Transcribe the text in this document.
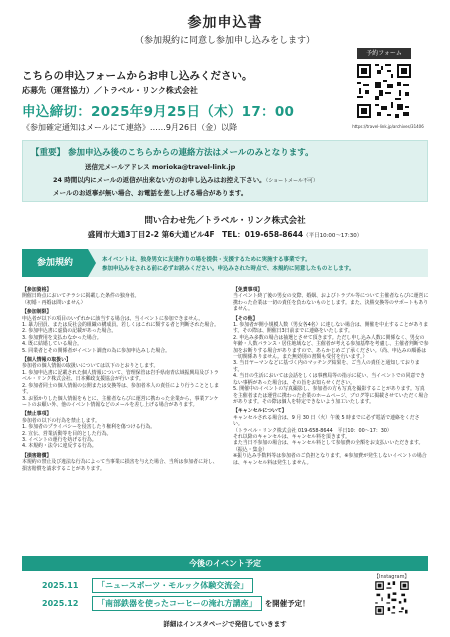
参加申込書
（参加規約に同意し参加申し込みをします）
予約フォーム
https://travel-link.jp/archives/31406
こちらの申込フォームからお申し込みください。
応募先（運営協力）／トラベル・リンク株式会社
申込締切：2025年9月25日（木）17：00
《参加確定通知はメールにて連絡》……9月26日（金）以降
【重要】 参加申込み後のこちらからの連絡方法はメールのみとなります。
送信元メールアドレス morioka@travel-link.jp
24 時間以内にメールの返信が出来ない方のお申し込みはお控え下さい。（ショートメール不可）
メールのお返事が無い場合、お電話を差し上げる場合があります。
問い合わせ先／トラベル・リンク株式会社
盛岡市大通3丁目2-2 第6大通ビル4F　TEL：019-658-8644（平日10:00～17:30）
参加規約	本イベントは、独身男女に友達作りの場を提供・支援するために実施する事業です。
参加申込みをされる前に必ずお読みください。申込みされた時点で、本規約に同意したものとします。
【参加資格】
開催日時点においてチラシに掲載した条件の独身者。
（初婚・再婚は問いません）
【参加制限】
申込者が以下の項目のいずれかに該当する場合は、当イベントに参加できません。
1. 暴力団員、または反社会的組織の構成員。若しくはこれに類する者と判断された場合。
2. 参加申込書に虚偽の記載があった場合。
3. 参加費用を支払わなかった場合。
4. 既に結婚している場合。
5. 同業者とその関係者がイベント調査の為に参加申込みした場合。
【個人情報の取扱い】
参加者の個人情報の取扱いについては以下のとおりとします。
1. 参加申込書に記載された個人情報について、管理保管は岩手県南青広域振興局及びトラベル・リンク株式会社、日本郵政支援協会が行います。
2. 参加者同士の個人情報の公開または交換等は、参加者本人の責任により行うこととします。
3. お預かりした個人情報をもとに、主催者ならびに運営に携わった企業から、事業アンケートのお願い外、他のイベント情報などのメールを差し上げる場合があります。
【禁止事項】
参加者の以下の行為を禁止します。
1. 参加者のプライバシーを侵害したり権利を傷つける行為。
2. 宣伝、営業活動等を目的とした行為。
3. イベントの運行を妨げる行為。
4. 本規約・法令に違反する行為。
【損害賠償】
本規約の禁止及び違法な行為によって当事業に損害を与えた場合、当所は参加者に対し、損害賠償を請求することがあります。
【免責事項】
当イベント終了後の男女の交際、婚姻、およびトラブル等について主催者ならびに運営に携わった企業は一切の責任を負わないものとします。また、決勝交換等のサポートもありません。
【その他】
1. 参加者が開小規模人数（男女各4名）に達しない場合は、開催を中止することがあります。その際は、開催日3日前までに連絡をいたします。
2. 申込み多数の場合は抽選とさせて頂きます。ただし申し込み人数に関係なく、男女の年齢・人数バランス・居住地域など、主催者が考える参加基準を考慮し、主催者判断で参加をお断りする場合がありますので、あらかじめご了承ください。（尚、申込みの順番は一切関係ありません。また無効別の書類も受付を行います。）
3. 当日ヤーマンなどに基づく内のマッチング結果を、ご当人の責任と通知しております。
4. 当日の生活においては会話をしくは事務局等の指示に従い、当イベントでの同意できない事柄があった場合は、その旨をお知らせください。
5. 開催中のイベントの写真撮影し、参加者の方も写真を撮影することがあります。写真を主催者または運営に携わった企業のホームページ、ブログ等に掲載させていただく場合があります。その際は個人を特定できないよう加工いたします。
【キャンセルについて】
キャンセルされる場合は、9 月 30 日（火）午後 5 時までに必ず電話で連絡をください。
（トラベル・リンク株式会社 019-658-8644　平日10：00～17：30）
それ以降のキャンセルは、キャンセル料を頂きます。
また当日不参加の場合は、キャンセル料として参加費の全額をお支払いいただきます。（振込・集金）
※振り込み手数料等は参加者のご負担となります。※参加費が発生しないイベントの場合は、キャンセル料は発生しません。
今後のイベント予定
2025.11 「ニュースポーツ・モルック体験交流会」
2025.12 「南部鉄器を使ったコーヒーの淹れ方講座」 を開催予定！
【Instagram】
詳細はインスタページで発信していきます
